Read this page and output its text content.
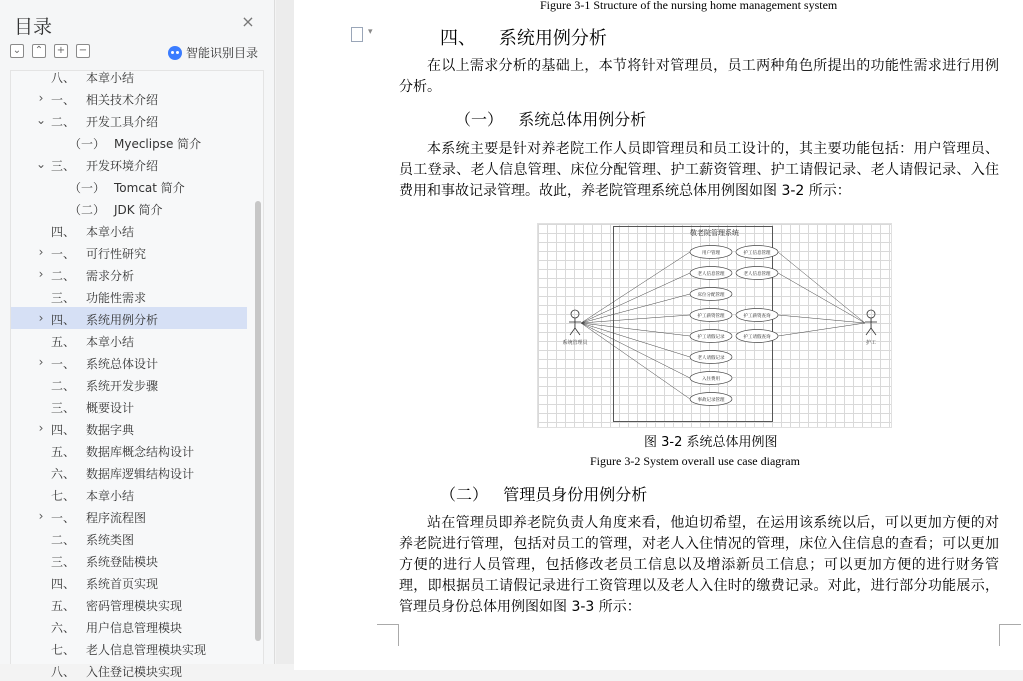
目录	×
⌄ ⌃ + −	智能识别目录
八、 本章小结
› 一、 相关技术介绍
⌄ 二、 开发工具介绍
（一） Myeclipse 简介
⌄ 三、 开发环境介绍
（一） Tomcat 简介
（二） JDK 简介
四、 本章小结
› 一、 可行性研究
› 二、 需求分析
三、 功能性需求
› 四、 系统用例分析
五、 本章小结
› 一、 系统总体设计
二、 系统开发步骤
三、 概要设计
› 四、 数据字典
五、 数据库概念结构设计
六、 数据库逻辑结构设计
七、 本章小结
› 一、 程序流程图
二、 系统类图
三、 系统登陆模块
四、 系统首页实现
五、 密码管理模块实现
六、 用户信息管理模块
七、 老人信息管理模块实现
八、 入住登记模块实现
▾
Figure 3-1 Structure of the nursing home management system
四、 系统用例分析
在以上需求分析的基础上，本节将针对管理员，员工两种角色所提出的功能性需求进行用例分析。
（一） 系统总体用例分析
本系统主要是针对养老院工作人员即管理员和员工设计的，其主要功能包括：用户管理员、员工登录、老人信息管理、床位分配管理、护工薪资管理、护工请假记录、老人请假记录、入住费用和事故记录管理。故此，养老院管理系统总体用例图如图 3-2 所示：
敬老院管理系统
系统管理员	护工
用户管理
老人信息管理
床位分配管理
护工薪资管理
护工请假记录
老人请假记录
入住费用
事故记录管理
护工信息管理
老人信息管理
护工薪资查询
护工请假查询
图 3-2 系统总体用例图
Figure 3-2 System overall use case diagram
（二） 管理员身份用例分析
站在管理员即养老院负责人角度来看，他迫切希望，在运用该系统以后，可以更加方便的对养老院进行管理，包括对员工的管理，对老人入住情况的管理，床位入住信息的查看；可以更加方便的进行人员管理，包括修改老员工信息以及增添新员工信息；可以更加方便的进行财务管理，即根据员工请假记录进行工资管理以及老人入住时的缴费记录。对此，进行部分功能展示，管理员身份总体用例图如图 3-3 所示：
